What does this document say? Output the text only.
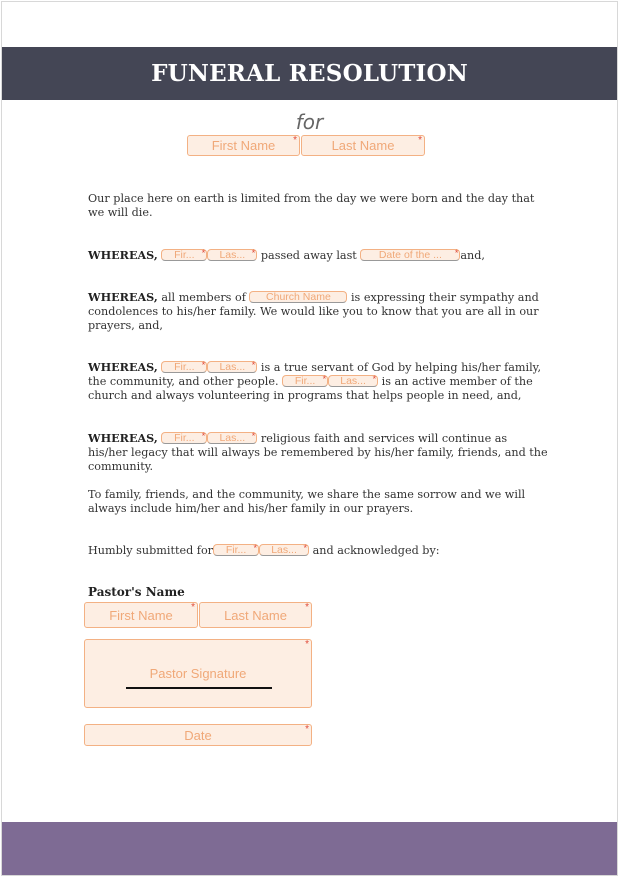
FUNERAL RESOLUTION
for
First Name *	Last Name *
Our place here on earth is limited from the day we were born and the day that we will die.
WHEREAS, Fir... * Las... * passed away last Date of the ... * and,
WHEREAS, all members of Church Name is expressing their sympathy and condolences to his/her family. We would like you to know that you are all in our prayers, and,
WHEREAS, Fir... * Las... * is a true servant of God by helping his/her family, the community, and other people. Fir... * Las... * is an active member of the church and always volunteering in programs that helps people in need, and,
WHEREAS, Fir... * Las... * religious faith and services will continue as his/her legacy that will always be remembered by his/her family, friends, and the community.
To family, friends, and the community, we share the same sorrow and we will always include him/her and his/her family in our prayers.
Humbly submitted for Fir... * Las... * and acknowledged by:
Pastor's Name
First Name * Last Name *
Pastor Signature
*
Date	*
